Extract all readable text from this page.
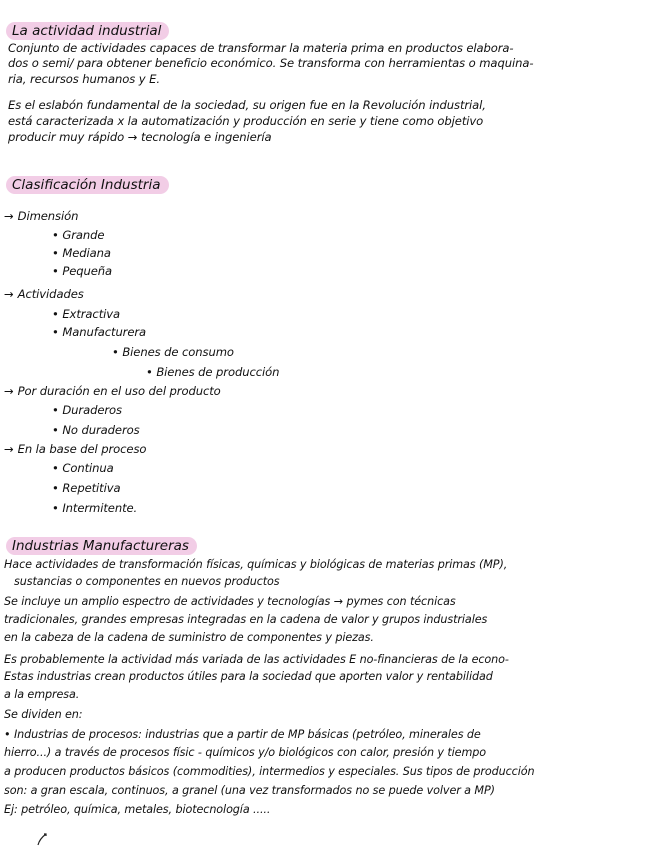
La actividad industrial
Conjunto de actividades capaces de transformar la materia prima en productos elabora-
dos o semi/ para obtener beneficio económico. Se transforma con herramientas o maquina-
ria, recursos humanos y E.
Es el eslabón fundamental de la sociedad, su origen fue en la Revolución industrial,
está caracterizada x la automatización y producción en serie y tiene como objetivo
producir muy rápido → tecnología e ingeniería
Clasificación Industria
→ Dimensión
• Grande
• Mediana
• Pequeña
→ Actividades
• Extractiva
• Manufacturera
• Bienes de consumo
• Bienes de producción
→ Por duración en el uso del producto
• Duraderos
• No duraderos
→ En la base del proceso
• Continua
• Repetitiva
• Intermitente.
Industrias Manufactureras
Hace actividades de transformación físicas, químicas y biológicas de materias primas (MP),
sustancias o componentes en nuevos productos
Se incluye un amplio espectro de actividades y tecnologías → pymes con técnicas
tradicionales, grandes empresas integradas en la cadena de valor y grupos industriales
en la cabeza de la cadena de suministro de componentes y piezas.
Es probablemente la actividad más variada de las actividades E no-financieras de la econo-
Estas industrias crean productos útiles para la sociedad que aporten valor y rentabilidad
a la empresa.
Se dividen en:
• Industrias de procesos: industrias que a partir de MP básicas (petróleo, minerales de
hierro...) a través de procesos físic - químicos y/o biológicos con calor, presión y tiempo
a producen productos básicos (commodities), intermedios y especiales. Sus tipos de producción
son: a gran escala, continuos, a granel (una vez transformados no se puede volver a MP)
Ej: petróleo, química, metales, biotecnología .....
